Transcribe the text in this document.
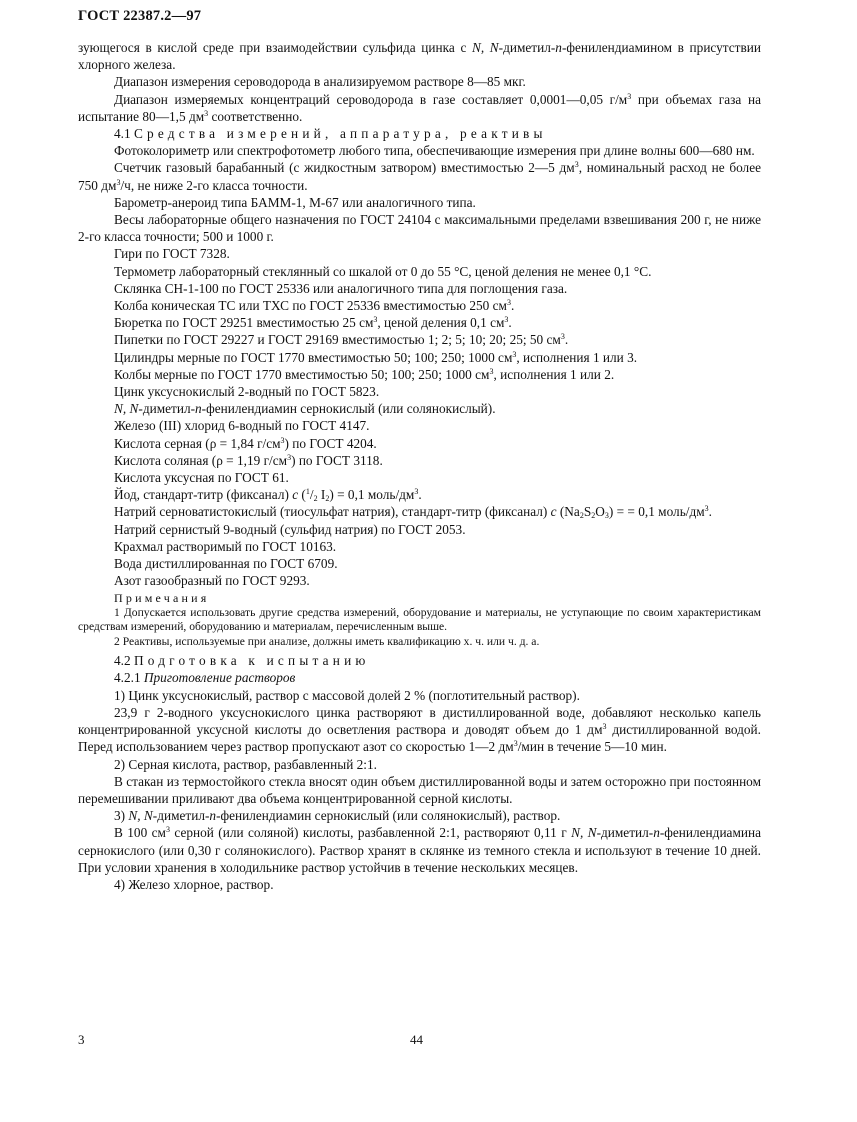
ГОСТ 22387.2—97

зующегося в кислой среде при взаимодействии сульфида цинка с N, N-диметил-n-фенилендиамином в присутствии хлорного железа.

Диапазон измерения сероводорода в анализируемом растворе 8—85 мкг.

Диапазон измеряемых концентраций сероводорода в газе составляет 0,0001—0,05 $г/м^3$ при объемах газа на испытание 80—1,5 $дм^3$ соответственно.

4.1 Средства измерений, аппаратура, реактивы

Фотоколориметр или спектрофотометр любого типа, обеспечивающие измерения при длине волны 600—680 нм.

Счетчик газовый барабанный (с жидкостным затвором) вместимостью 2—5 $дм^3$, номинальный расход не более 750 $дм^3/ч$, не ниже 2-го класса точности.

Барометр-анероид типа БАММ-1, М-67 или аналогичного типа.

Весы лабораторные общего назначения по ГОСТ 24104 с максимальными пределами взвешивания 200 г, не ниже 2-го класса точности; 500 и 1000 г.

Гири по ГОСТ 7328.

Термометр лабораторный стеклянный со шкалой от 0 до 55 °С, ценой деления не менее 0,1 °С.

Склянка СН-1-100 по ГОСТ 25336 или аналогичного типа для поглощения газа.

Колба коническая ТС или ТХС по ГОСТ 25336 вместимостью 250 $см^3$.

Бюретка по ГОСТ 29251 вместимостью 25 $см^3$, ценой деления 0,1 $см^3$.

Пипетки по ГОСТ 29227 и ГОСТ 29169 вместимостью 1; 2; 5; 10; 20; 25; 50 $см^3$.

Цилиндры мерные по ГОСТ 1770 вместимостью 50; 100; 250; 1000 $см^3$, исполнения 1 или 3.

Колбы мерные по ГОСТ 1770 вместимостью 50; 100; 250; 1000 $см^3$, исполнения 1 или 2.

Цинк уксуснокислый 2-водный по ГОСТ 5823.

N, N-диметил-n-фенилендиамин сернокислый (или солянокислый).

Железо (III) хлорид 6-водный по ГОСТ 4147.

Кислота серная (ρ = 1,84 $г/см^3$) по ГОСТ 4204.

Кислота соляная (ρ = 1,19 $г/см^3$) по ГОСТ 3118.

Кислота уксусная по ГОСТ 61.

Йод, стандарт-титр (фиксанал) c ($^1/_2$ $I_2) = 0,1$ моль/$дм^3$.

Натрий серноватистокислый (тиосульфат натрия), стандарт-титр (фиксанал) c $(Na_2S_2O_3)$ = = 0,1 моль/$дм^3$.

Натрий сернистый 9-водный (сульфид натрия) по ГОСТ 2053.

Крахмал растворимый по ГОСТ 10163.

Вода дистиллированная по ГОСТ 6709.

Азот газообразный по ГОСТ 9293.

Примечания

1 Допускается использовать другие средства измерений, оборудование и материалы, не уступающие по своим характеристикам средствам измерений, оборудованию и материалам, перечисленным выше.

2 Реактивы, используемые при анализе, должны иметь квалификацию х. ч. или ч. д. а.

4.2 Подготовка к испытанию

4.2.1 Приготовление растворов

1) Цинк уксуснокислый, раствор с массовой долей 2 % (поглотительный раствор).

23,9 г 2-водного уксуснокислого цинка растворяют в дистиллированной воде, добавляют несколько капель концентрированной уксусной кислоты до осветления раствора и доводят объем до 1 $дм^3$ дистиллированной водой. Перед использованием через раствор пропускают азот со скоростью 1—2 $дм^3$/мин в течение 5—10 мин.

2) Серная кислота, раствор, разбавленный 2:1.

В стакан из термостойкого стекла вносят один объем дистиллированной воды и затем осторожно при постоянном перемешивании приливают два объема концентрированной серной кислоты.

3) N, N-диметил-n-фенилендиамин сернокислый (или солянокислый), раствор.

В 100 $см^3$ серной (или соляной) кислоты, разбавленной 2:1, растворяют 0,11 г N, N-диметил-n-фенилендиамина сернокислого (или 0,30 г солянокислого). Раствор хранят в склянке из темного стекла и используют в течение 10 дней. При условии хранения в холодильнике раствор устойчив в течение нескольких месяцев.

4) Железо хлорное, раствор.

3	44
